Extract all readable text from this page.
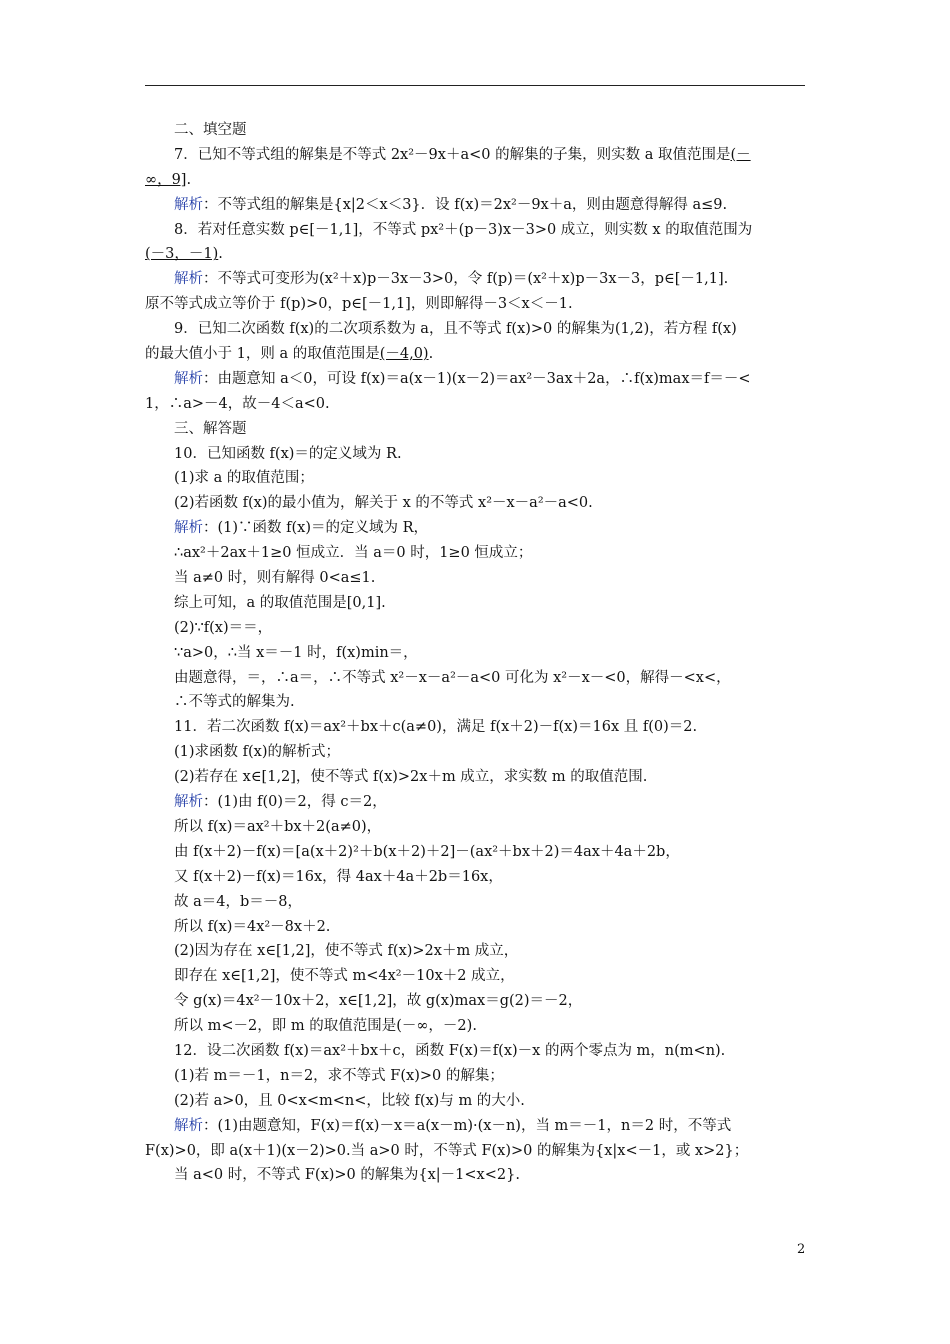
二、填空题
7．已知不等式组的解集是不等式 2x²－9x＋a<0 的解集的子集，则实数 a 取值范围是(－
∞，9].
解析：不等式组的解集是{x|2＜x＜3}．设 f(x)＝2x²－9x＋a，则由题意得解得 a≤9.
8．若对任意实数 p∈[－1,1]，不等式 px²＋(p－3)x－3>0 成立，则实数 x 的取值范围为
(－3，－1).
解析：不等式可变形为(x²＋x)p－3x－3>0，令 f(p)＝(x²＋x)p－3x－3，p∈[－1,1].
原不等式成立等价于 f(p)>0，p∈[－1,1]，则即解得－3＜x＜－1.
9．已知二次函数 f(x)的二次项系数为 a，且不等式 f(x)>0 的解集为(1,2)，若方程 f(x)
的最大值小于 1，则 a 的取值范围是(－4,0).
解析：由题意知 a＜0，可设 f(x)＝a(x－1)(x－2)＝ax²－3ax＋2a，∴f(x)max＝f＝－<
1，∴a>－4，故－4＜a<0.
三、解答题
10．已知函数 f(x)＝的定义域为 R.
(1)求 a 的取值范围；
(2)若函数 f(x)的最小值为，解关于 x 的不等式 x²－x－a²－a<0.
解析：(1)∵函数 f(x)＝的定义域为 R，
∴ax²＋2ax＋1≥0 恒成立．当 a＝0 时，1≥0 恒成立；
当 a≠0 时，则有解得 0<a≤1.
综上可知，a 的取值范围是[0,1].
(2)∵f(x)＝＝，
∵a>0，∴当 x＝－1 时，f(x)min＝，
由题意得，＝，∴a＝，∴不等式 x²－x－a²－a<0 可化为 x²－x－<0，解得－<x<，
∴不等式的解集为.
11．若二次函数 f(x)＝ax²＋bx＋c(a≠0)，满足 f(x＋2)－f(x)＝16x 且 f(0)＝2.
(1)求函数 f(x)的解析式；
(2)若存在 x∈[1,2]，使不等式 f(x)>2x＋m 成立，求实数 m 的取值范围.
解析：(1)由 f(0)＝2，得 c＝2，
所以 f(x)＝ax²＋bx＋2(a≠0)，
由 f(x＋2)－f(x)＝[a(x＋2)²＋b(x＋2)＋2]－(ax²＋bx＋2)＝4ax＋4a＋2b，
又 f(x＋2)－f(x)＝16x，得 4ax＋4a＋2b＝16x，
故 a＝4，b＝－8，
所以 f(x)＝4x²－8x＋2.
(2)因为存在 x∈[1,2]，使不等式 f(x)>2x＋m 成立，
即存在 x∈[1,2]，使不等式 m<4x²－10x＋2 成立，
令 g(x)＝4x²－10x＋2，x∈[1,2]，故 g(x)max＝g(2)＝－2，
所以 m<－2，即 m 的取值范围是(－∞，－2).
12．设二次函数 f(x)＝ax²＋bx＋c，函数 F(x)＝f(x)－x 的两个零点为 m，n(m<n).
(1)若 m＝－1，n＝2，求不等式 F(x)>0 的解集；
(2)若 a>0，且 0<x<m<n<，比较 f(x)与 m 的大小.
解析：(1)由题意知，F(x)＝f(x)－x＝a(x－m)·(x－n)，当 m＝－1，n＝2 时，不等式
F(x)>0，即 a(x＋1)(x－2)>0.当 a>0 时，不等式 F(x)>0 的解集为{x|x<－1，或 x>2}；
当 a<0 时，不等式 F(x)>0 的解集为{x|－1<x<2}.
2
